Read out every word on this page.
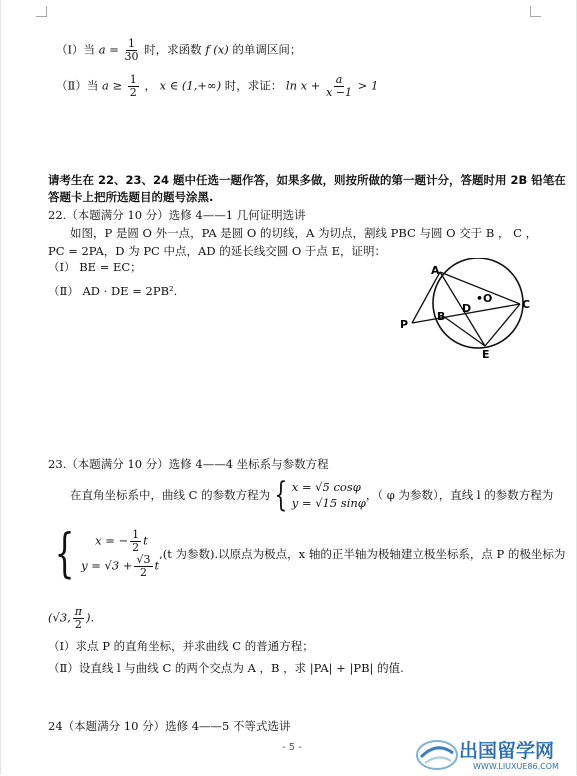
（Ⅰ）当 $a = \frac{1}{30}$ 时，求函数 f (x) 的单调区间；
（Ⅱ）当 $a \ge \frac{1}{2}$ ， x ∈ (1,+∞) 时，求证： $\ln x + \frac{a}{x -1} > 1$
请考生在 22、23、24 题中任选一题作答，如果多做，则按所做的第一题计分，答题时用 2B 铅笔在
答题卡上把所选题目的题号涂黑.
22.（本题满分 10 分）选修 4——1 几何证明选讲
如图，P 是圆 O 外一点，PA 是圆 O 的切线，A 为切点，割线 PBC 与圆 O 交于 B ， C ，
PC = 2PA，D 为 PC 中点，AD 的延长线交圆 O 于点 E，证明：
（Ⅰ） BE = EC；
（Ⅱ） AD · DE = 2PB².
A
B
C
D
•O
E
P
23.（本题满分 10 分）选修 4——4 坐标系与参数方程
在直角坐标系中，曲线 C 的参数方程为 { x = √5 cosφ
y = √15 sinφ
，（ φ 为参数），直线 l 的参数方程为
{	x = − $\frac{1}{2}$ t
$y = √3 + \frac{√3}{2}$ t
,(t 为参数).以原点为极点，x 轴的正半轴为极轴建立极坐标系，点 P 的极坐标为
(√3, $\frac{\pi}{2}$ ).
（Ⅰ）求点 P 的直角坐标，并求曲线 C 的普通方程；
（Ⅱ）设直线 l 与曲线 C 的两个交点为 A ，B ，求 |PA| + |PB| 的值.
24（本题满分 10 分）选修 4——5 不等式选讲
- 5 -	出国留学网
WWW.LIUXUE86.COM
